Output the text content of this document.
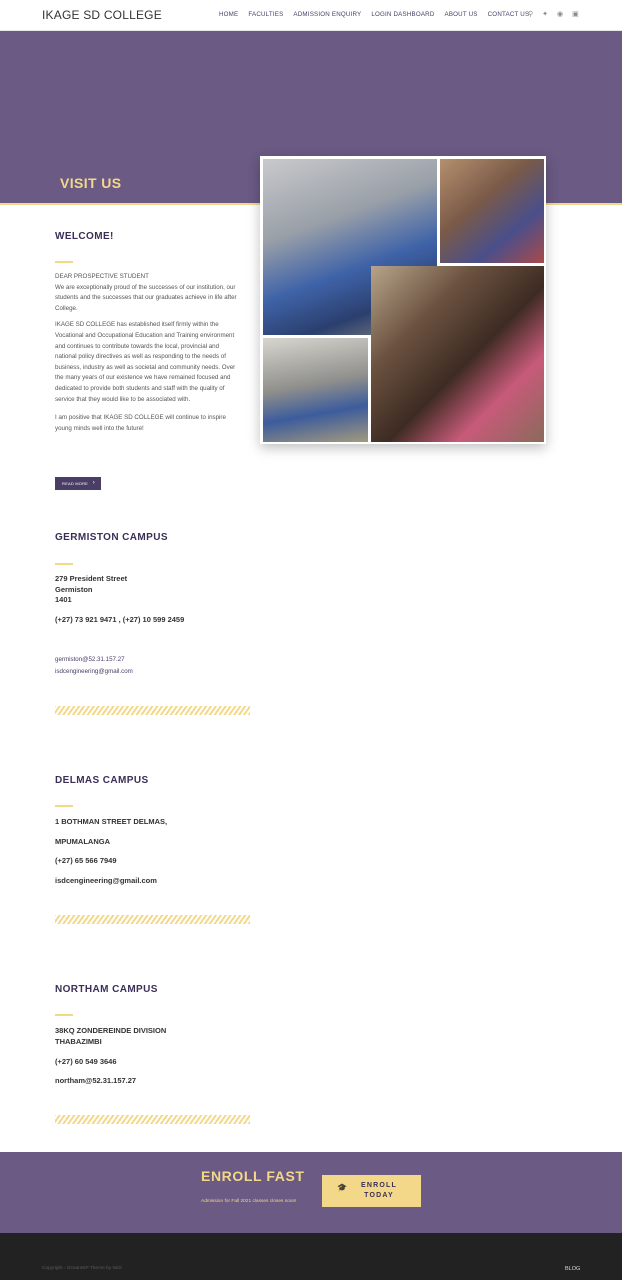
IKAGE SD COLLEGE	HOME FACULTIES ADMISSION ENQUIRY LOGIN DASHBOARD ABOUT US CONTACT US
⚲ ✦ ◉ ▣
VISIT US
WELCOME!
DEAR PROSPECTIVE STUDENT
We are exceptionally proud of the successes of our institution, our students and the successes that our graduates achieve in life after College.
IKAGE SD COLLEGE has established itself firmly within the Vocational and Occupational Education and Training environment and continues to contribute towards the local, provincial and national policy directives as well as responding to the needs of business, industry as well as societal and community needs. Over the many years of our existence we have remained focused and dedicated to provide both students and staff with the quality of service that they would like to be associated with.
I am positive that IKAGE SD COLLEGE will continue to inspire young minds well into the future!
READ MORE ›
GERMISTON CAMPUS
279 President Street
Germiston
1401
(+27) 73 921 9471 , (+27) 10 599 2459
germiston@52.31.157.27
isdcengineering@gmail.com
DELMAS CAMPUS
1 BOTHMAN STREET DELMAS,
MPUMALANGA
(+27) 65 566 7949
isdcengineering@gmail.com
NORTHAM CAMPUS
38KQ ZONDEREINDE DIVISION
THABAZIMBI
(+27) 60 549 3646
northam@52.31.157.27
ENROLL FAST
Admission for Fall 2021 classes closes soon!
🎓	ENROLL
TODAY
Copyright - OceanWP Theme by Nick	BLOG
